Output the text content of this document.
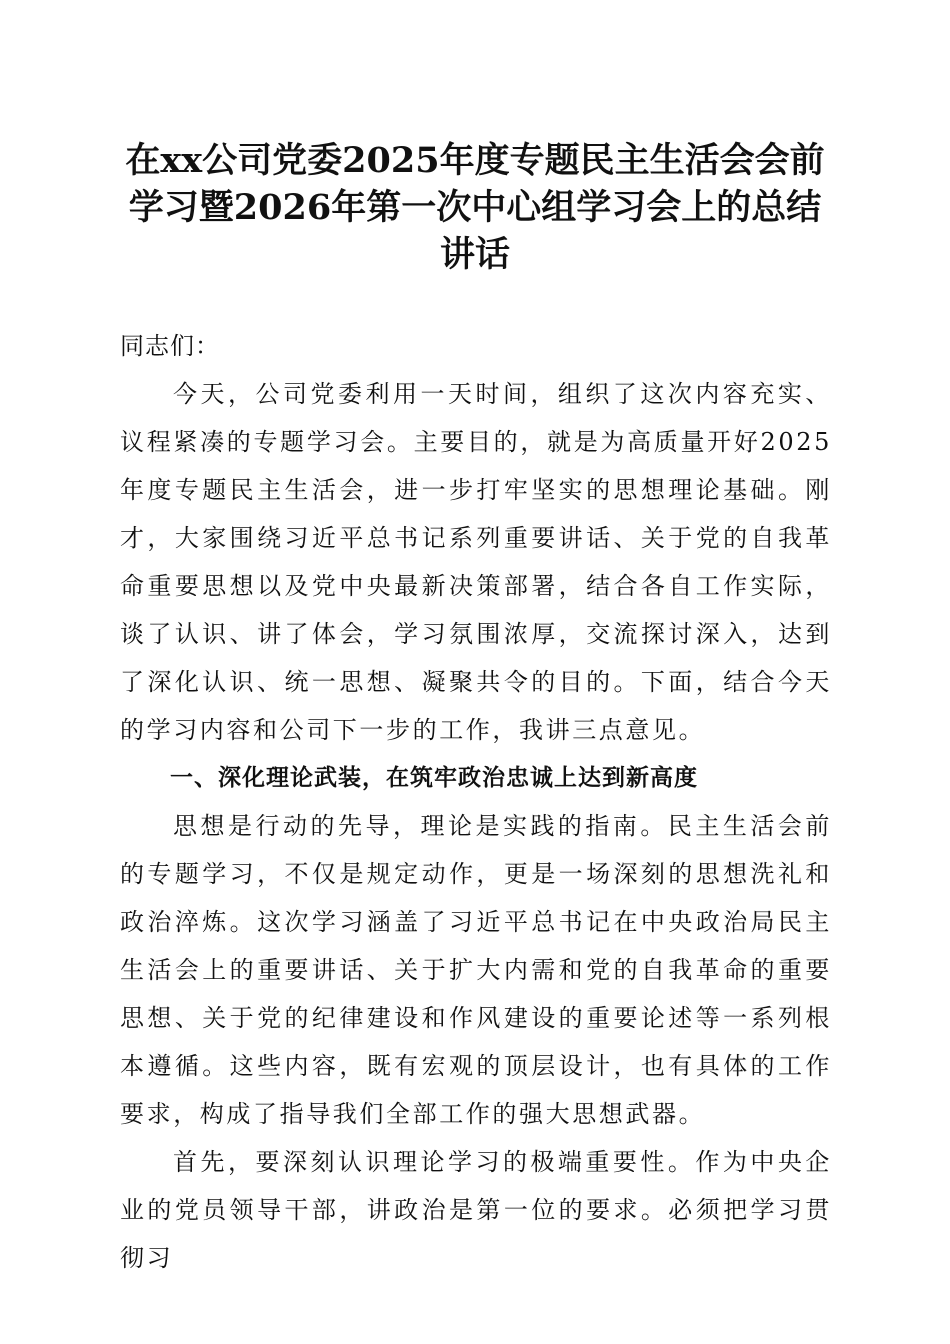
在xx公司党委2025年度专题民主生活会会前
学习暨2026年第一次中心组学习会上的总结
讲话

同志们：

今天，公司党委利用一天时间，组织了这次内容充实、议程紧凑的专题学习会。主要目的，就是为高质量开好2025年度专题民主生活会，进一步打牢坚实的思想理论基础。刚才，大家围绕习近平总书记系列重要讲话、关于党的自我革命重要思想以及党中央最新决策部署，结合各自工作实际，谈了认识、讲了体会，学习氛围浓厚，交流探讨深入，达到了深化认识、统一思想、凝聚共令的目的。下面，结合今天的学习内容和公司下一步的工作，我讲三点意见。

一、深化理论武装，在筑牢政治忠诚上达到新高度

思想是行动的先导，理论是实践的指南。民主生活会前的专题学习，不仅是规定动作，更是一场深刻的思想洗礼和政治淬炼。这次学习涵盖了习近平总书记在中央政治局民主生活会上的重要讲话、关于扩大内需和党的自我革命的重要思想、关于党的纪律建设和作风建设的重要论述等一系列根本遵循。这些内容，既有宏观的顶层设计，也有具体的工作要求，构成了指导我们全部工作的强大思想武器。

首先，要深刻认识理论学习的极端重要性。作为中央企业的党员领导干部，讲政治是第一位的要求。必须把学习贯彻习
